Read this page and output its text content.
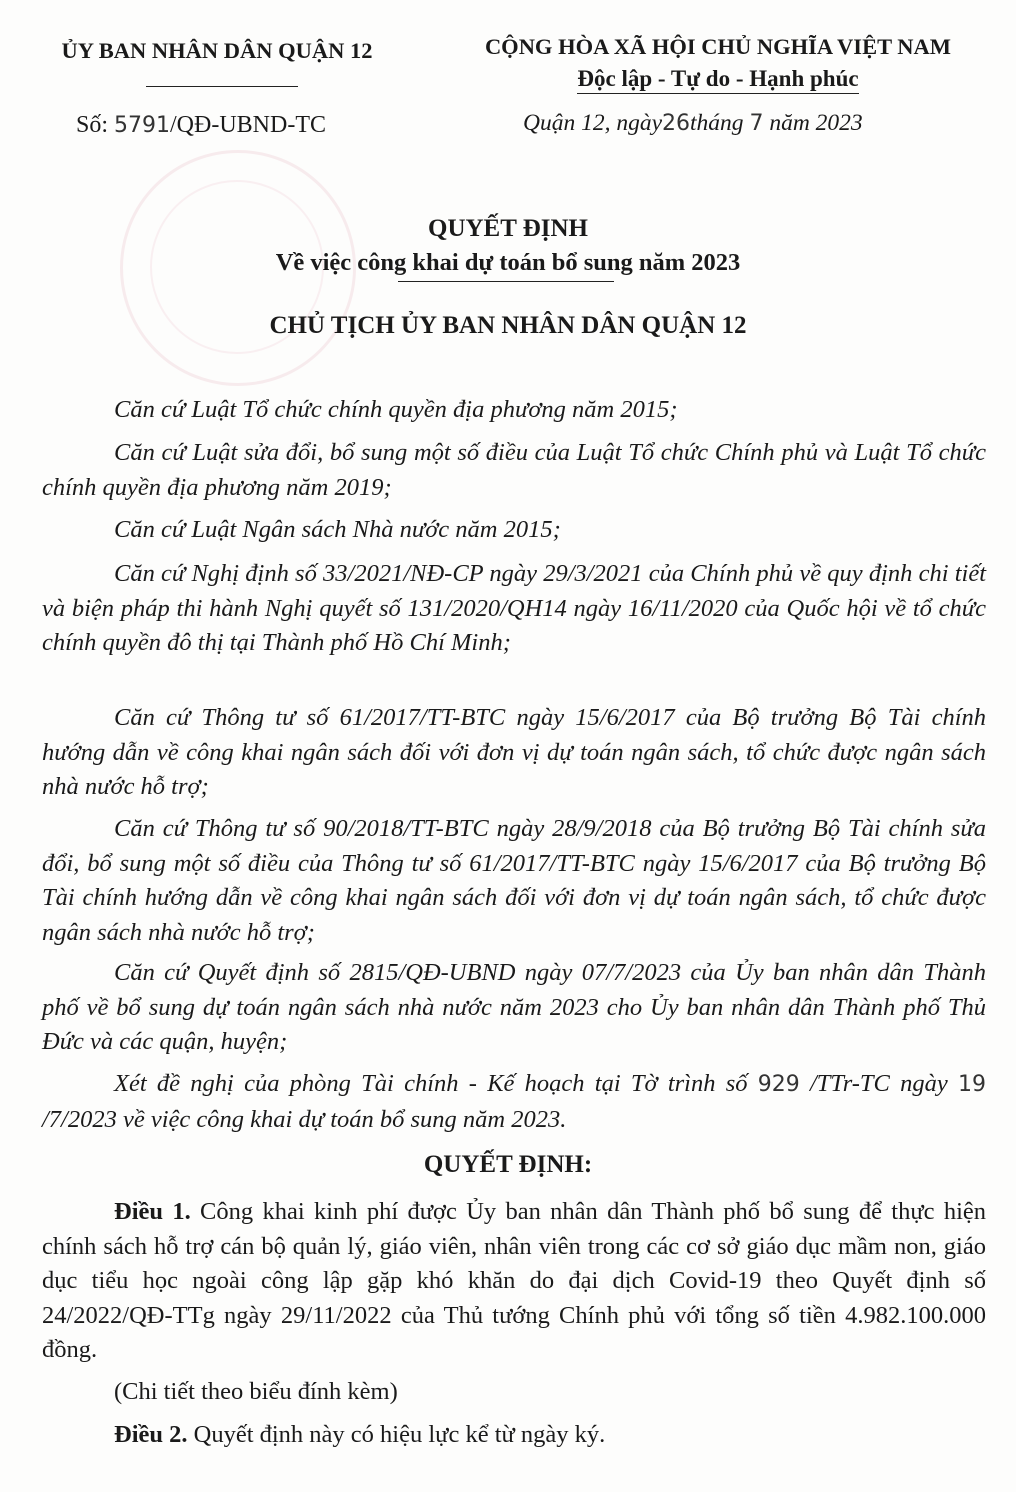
ỦY BAN NHÂN DÂN QUẬN 12
Số: 5791/QĐ-UBND-TC
CỘNG HÒA XÃ HỘI CHỦ NGHĨA VIỆT NAM
Độc lập - Tự do - Hạnh phúc
Quận 12, ngày26tháng 7 năm 2023
QUYẾT ĐỊNH
Về việc công khai dự toán bổ sung năm 2023
CHỦ TỊCH ỦY BAN NHÂN DÂN QUẬN 12

Căn cứ Luật Tổ chức chính quyền địa phương năm 2015;

Căn cứ Luật sửa đổi, bổ sung một số điều của Luật Tổ chức Chính phủ và Luật Tổ chức chính quyền địa phương năm 2019;

Căn cứ Luật Ngân sách Nhà nước năm 2015;

Căn cứ Nghị định số 33/2021/NĐ-CP ngày 29/3/2021 của Chính phủ về quy định chi tiết và biện pháp thi hành Nghị quyết số 131/2020/QH14 ngày 16/11/2020 của Quốc hội về tổ chức chính quyền đô thị tại Thành phố Hồ Chí Minh;

Căn cứ Thông tư số 61/2017/TT-BTC ngày 15/6/2017 của Bộ trưởng Bộ Tài chính hướng dẫn về công khai ngân sách đối với đơn vị dự toán ngân sách, tổ chức được ngân sách nhà nước hỗ trợ;

Căn cứ Thông tư số 90/2018/TT-BTC ngày 28/9/2018 của Bộ trưởng Bộ Tài chính sửa đổi, bổ sung một số điều của Thông tư số 61/2017/TT-BTC ngày 15/6/2017 của Bộ trưởng Bộ Tài chính hướng dẫn về công khai ngân sách đối với đơn vị dự toán ngân sách, tổ chức được ngân sách nhà nước hỗ trợ;

Căn cứ Quyết định số 2815/QĐ-UBND ngày 07/7/2023 của Ủy ban nhân dân Thành phố về bổ sung dự toán ngân sách nhà nước năm 2023 cho Ủy ban nhân dân Thành phố Thủ Đức và các quận, huyện;

Xét đề nghị của phòng Tài chính - Kế hoạch tại Tờ trình số 929 /TTr-TC ngày 19 /7/2023 về việc công khai dự toán bổ sung năm 2023.

QUYẾT ĐỊNH:

Điều 1. Công khai kinh phí được Ủy ban nhân dân Thành phố bổ sung để thực hiện chính sách hỗ trợ cán bộ quản lý, giáo viên, nhân viên trong các cơ sở giáo dục mầm non, giáo dục tiểu học ngoài công lập gặp khó khăn do đại dịch Covid-19 theo Quyết định số 24/2022/QĐ-TTg ngày 29/11/2022 của Thủ tướng Chính phủ với tổng số tiền 4.982.100.000 đồng.

(Chi tiết theo biểu đính kèm)

Điều 2. Quyết định này có hiệu lực kể từ ngày ký.
